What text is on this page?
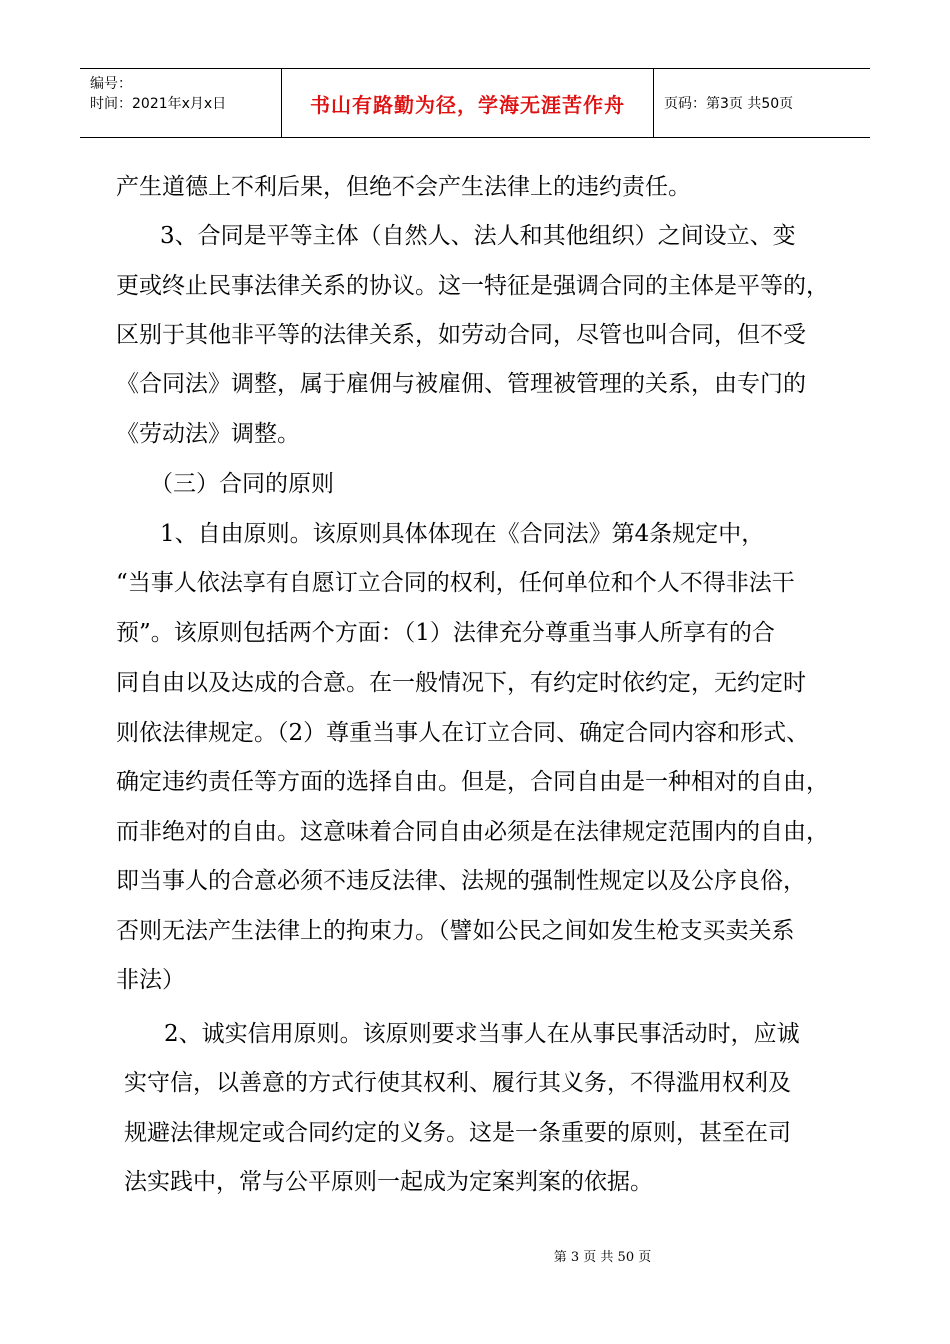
编号：
时间：2021年x月x日	书山有路勤为径，学海无涯苦作舟	页码：第3页 共50页
产生道德上不利后果，但绝不会产生法律上的违约责任。
3、合同是平等主体（自然人、法人和其他组织）之间设立、变
更或终止民事法律关系的协议。这一特征是强调合同的主体是平等的，
区别于其他非平等的法律关系，如劳动合同，尽管也叫合同，但不受
《合同法》调整，属于雇佣与被雇佣、管理被管理的关系，由专门的
《劳动法》调整。
（三）合同的原则
1、自由原则。该原则具体体现在《合同法》第4条规定中，
“当事人依法享有自愿订立合同的权利，任何单位和个人不得非法干
预”。该原则包括两个方面：（1）法律充分尊重当事人所享有的合
同自由以及达成的合意。在一般情况下，有约定时依约定，无约定时
则依法律规定。（2）尊重当事人在订立合同、确定合同内容和形式、
确定违约责任等方面的选择自由。但是，合同自由是一种相对的自由，
而非绝对的自由。这意味着合同自由必须是在法律规定范围内的自由，
即当事人的合意必须不违反法律、法规的强制性规定以及公序良俗，
否则无法产生法律上的拘束力。（譬如公民之间如发生枪支买卖关系
非法）
2、诚实信用原则。该原则要求当事人在从事民事活动时，应诚
实守信，以善意的方式行使其权利、履行其义务，不得滥用权利及
规避法律规定或合同约定的义务。这是一条重要的原则，甚至在司
法实践中，常与公平原则一起成为定案判案的依据。
第 3 页 共 50 页
